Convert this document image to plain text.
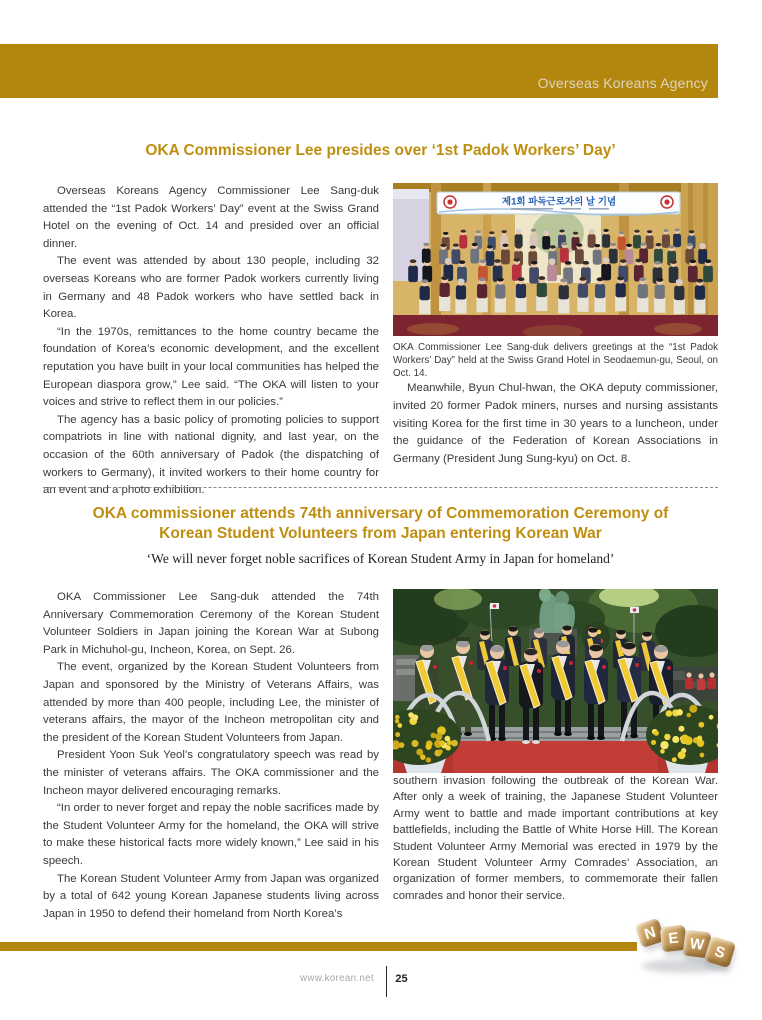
Overseas Koreans Agency
OKA Commissioner Lee presides over ‘1st Padok Workers’ Day’

Overseas Koreans Agency Commissioner Lee Sang-duk attended the “1st Padok Workers’ Day” event at the Swiss Grand Hotel on the evening of Oct. 14 and presided over an official dinner.

The event was attended by about 130 people, including 32 overseas Koreans who are former Padok workers currently living in Germany and 48 Padok workers who have settled back in Korea.

“In the 1970s, remittances to the home country became the foundation of Korea’s economic development, and the excellent reputation you have built in your local communities has helped the European diaspora grow,” Lee said. “The OKA will listen to your voices and strive to reflect them in our policies.”

The agency has a basic policy of promoting policies to support compatriots in line with national dignity, and last year, on the occasion of the 60th anniversary of Padok (the dispatching of workers to Germany), it invited workers to their home country for an event and a photo exhibition.

제1회 파독근로자의 날 기념
OKA Commissioner Lee Sang-duk delivers greetings at the “1st Padok Workers’ Day” held at the Swiss Grand Hotel in Seodaemun-gu, Seoul, on Oct. 14.

Meanwhile, Byun Chul-hwan, the OKA deputy commissioner, invited 20 former Padok miners, nurses and nursing assistants visiting Korea for the first time in 30 years to a luncheon, under the guidance of the Federation of Korean Associations in Germany (President Jung Sung-kyu) on Oct. 8.

OKA commissioner attends 74th anniversary of Commemoration Ceremony of
Korean Student Volunteers from Japan entering Korean War
‘We will never forget noble sacrifices of Korean Student Army in Japan for homeland’

OKA Commissioner Lee Sang-duk attended the 74th Anniversary Commemoration Ceremony of the Korean Student Volunteer Soldiers in Japan joining the Korean War at Subong Park in Michuhol-gu, Incheon, Korea, on Sept. 26.

The event, organized by the Korean Student Volunteers from Japan and sponsored by the Ministry of Veterans Affairs, was attended by more than 400 people, including Lee, the minister of veterans affairs, the mayor of the Incheon metropolitan city and the president of the Korean Student Volunteers from Japan.

President Yoon Suk Yeol’s congratulatory speech was read by the minister of veterans affairs. The OKA commissioner and the Incheon mayor delivered encouraging remarks.

“In order to never forget and repay the noble sacrifices made by the Student Volunteer Army for the homeland, the OKA will strive to make these historical facts more widely known,” Lee said in his speech.

The Korean Student Volunteer Army from Japan was organized by a total of 642 young Korean Japanese students living across Japan in 1950 to defend their homeland from North Korea’s

southern invasion following the outbreak of the Korean War. After only a week of training, the Japanese Student Volunteer Army went to battle and made important contributions at key battlefields, including the Battle of White Horse Hill. The Korean Student Volunteer Army Memorial was erected in 1979 by the Korean Student Volunteer Army Comrades’ Association, an organization of former members, to commemorate their fallen comrades and honor their service.

N E W S
www.korean.net 25
